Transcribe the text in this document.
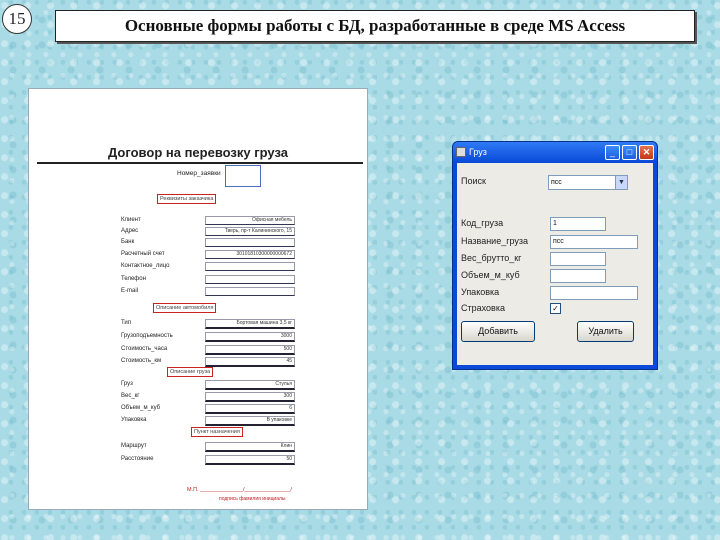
15	Основные формы работы с БД, разработанные в среде MS Access
Договор на перевозку груза
Номер_заявки
Реквизиты заказчика
Клиент	Офисная мебель
Адрес	Тверь, пр-т Калининского, 15
Банк
Расчетный счет	30101810300000000672
Контактное_лицо
Телефон
E-mail
Описание автомобиля
Тип	Бортовая машина 3,5 кг
Грузоподъемность	3000
Стоимость_часа	500
Стоимость_км	45
Описание груза
Груз	Стулья
Вес_кг	300
Объем_м_куб	6
Упаковка	В упаковке
Пункт назначения
Маршрут	Клин
Расстояние	50
М.П. ______________/_______________/
подпись фамилия инициалы
Груз	_	□	✕
Поиск	псс	▼
Код_груза	1
Название_груза	псс
Вес_брутто_кг
Объем_м_куб
Упаковка
Страховка	✓
Добавить	Удалить
